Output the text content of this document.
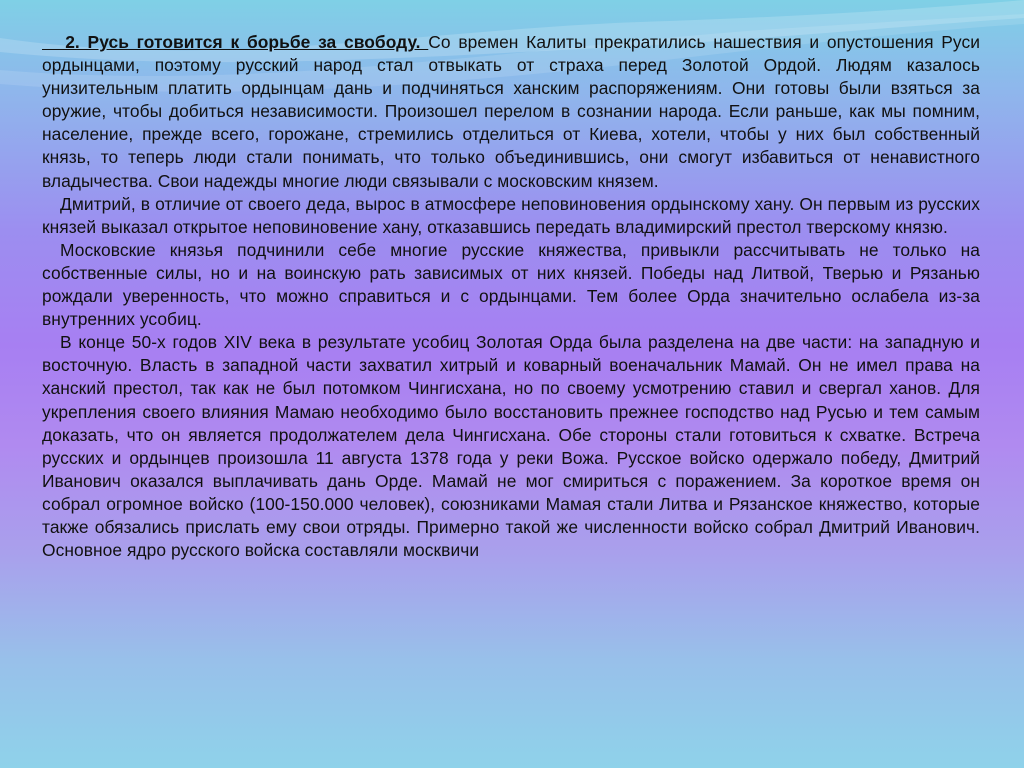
2. Русь готовится к борьбе за свободу. Со времен Калиты прекратились нашествия и опустошения Руси ордынцами, поэтому русский народ стал отвыкать от страха перед Золотой Ордой. Людям казалось унизительным платить ордынцам дань и подчиняться ханским распоряжениям. Они готовы были взяться за оружие, чтобы добиться независимости. Произошел перелом в сознании народа. Если раньше, как мы помним, население, прежде всего, горожане, стремились отделиться от Киева, хотели, чтобы у них был собственный князь, то теперь люди стали понимать, что только объединившись, они смогут избавиться от ненавистного владычества. Свои надежды многие люди связывали с московским князем.

Дмитрий, в отличие от своего деда, вырос в атмосфере неповиновения ордынскому хану. Он первым из русских князей выказал открытое неповиновение хану, отказавшись передать владимирский престол тверскому князю.

Московские князья подчинили себе многие русские княжества, привыкли рассчитывать не только на собственные силы, но и на воинскую рать зависимых от них князей. Победы над Литвой, Тверью и Рязанью рождали уверенность, что можно справиться и с ордынцами. Тем более Орда значительно ослабела из-за внутренних усобиц.

В конце 50-х годов XIV века в результате усобиц Золотая Орда была разделена на две части: на западную и восточную. Власть в западной части захватил хитрый и коварный военачальник Мамай. Он не имел права на ханский престол, так как не был потомком Чингисхана, но по своему усмотрению ставил и свергал ханов. Для укрепления своего влияния Мамаю необходимо было восстановить прежнее господство над Русью и тем самым доказать, что он является продолжателем дела Чингисхана. Обе стороны стали готовиться к схватке. Встреча русских и ордынцев произошла 11 августа 1378 года у реки Вожа. Русское войско одержало победу, Дмитрий Иванович оказался выплачивать дань Орде. Мамай не мог смириться с поражением. За короткое время он собрал огромное войско (100-150.000 человек), союзниками Мамая стали Литва и Рязанское княжество, которые также обязались прислать ему свои отряды. Примерно такой же численности войско собрал Дмитрий Иванович. Основное ядро русского войска составляли москвичи
